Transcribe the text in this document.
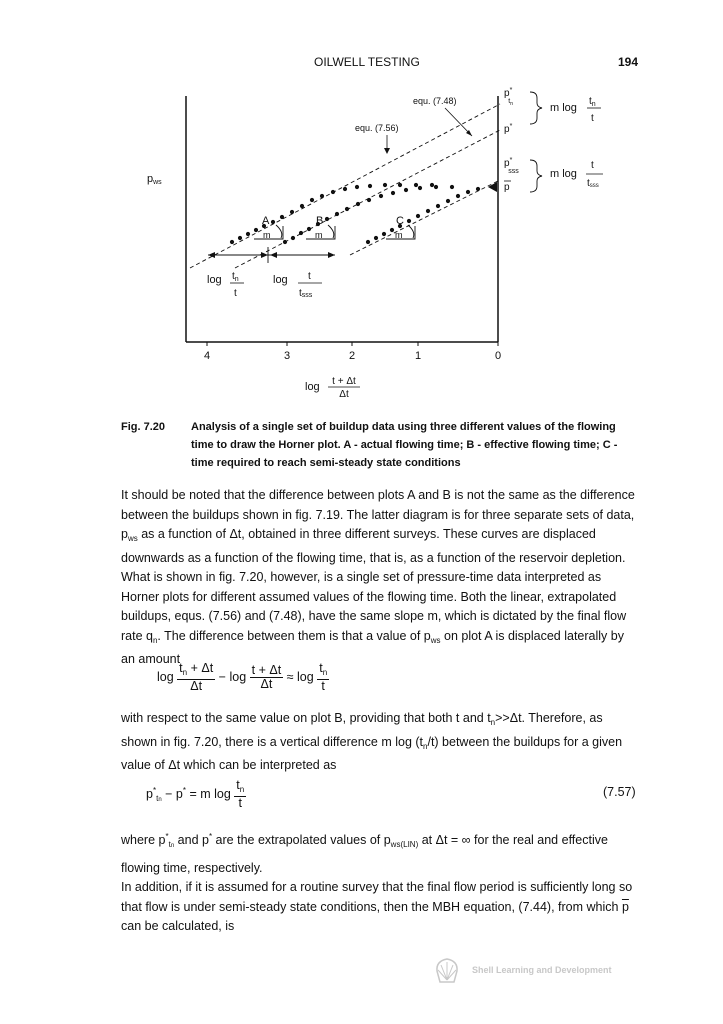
OILWELL TESTING	194
4	3	2	1	0
log t + Δt
Δt
pws
equ. (7.48)
equ. (7.56)
A	B	C
m	m	m
$\log t_n$
t
log t
tsss
p* $t_n$
p*
p* sss
p
m log
$t_n$
t
m log
t
tsss
Fig. 7.20 Analysis of a single set of buildup data using three different values of the flowing time to draw the Horner plot. A - actual flowing time; B - effective flowing time; C - time required to reach semi-steady state conditions
It should be noted that the difference between plots A and B is not the same as the difference between the buildups shown in fig. 7.19. The latter diagram is for three separate sets of data, $p_{ws}$ as a function of Δt, obtained in three different surveys. These curves are displaced downwards as a function of the flowing time, that is, as a function of the reservoir depletion. What is shown in fig. 7.20, however, is a single set of pressure-time data interpreted as Horner plots for different assumed values of the flowing time. Both the linear, extrapolated buildups, equs. (7.56) and (7.48), have the same slope m, which is dictated by the final flow rate $q_n$. The difference between them is that a value of $p_{ws}$ on plot A is displaced laterally by an amount
$\log \frac{t_n + \Delta t}{\Delta t} - \log \frac{t + \Delta t}{\Delta t} \approx \log \frac{t_n}{t}$
with respect to the same value on plot B, providing that both t and $t_n>>\Delta t$. Therefore, as shown in fig. 7.20, there is a vertical difference m $\log (t_n/t)$ between the buildups for a given value of Δt which can be interpreted as
$p^*_{tn} - p^* = m$ $\log \frac{t_n}{t}$	(7.57)
where $p^*_{tn}$ and p* are the extrapolated values of $p_{ws(LIN)}$ at Δt = ∞ for the real and effective flowing time, respectively.
In addition, if it is assumed for a routine survey that the final flow period is sufficiently long so that flow is under semi-steady state conditions, then the MBH equation, (7.44), from which $\overline{p}$ can be calculated, is
Shell Learning and Development
